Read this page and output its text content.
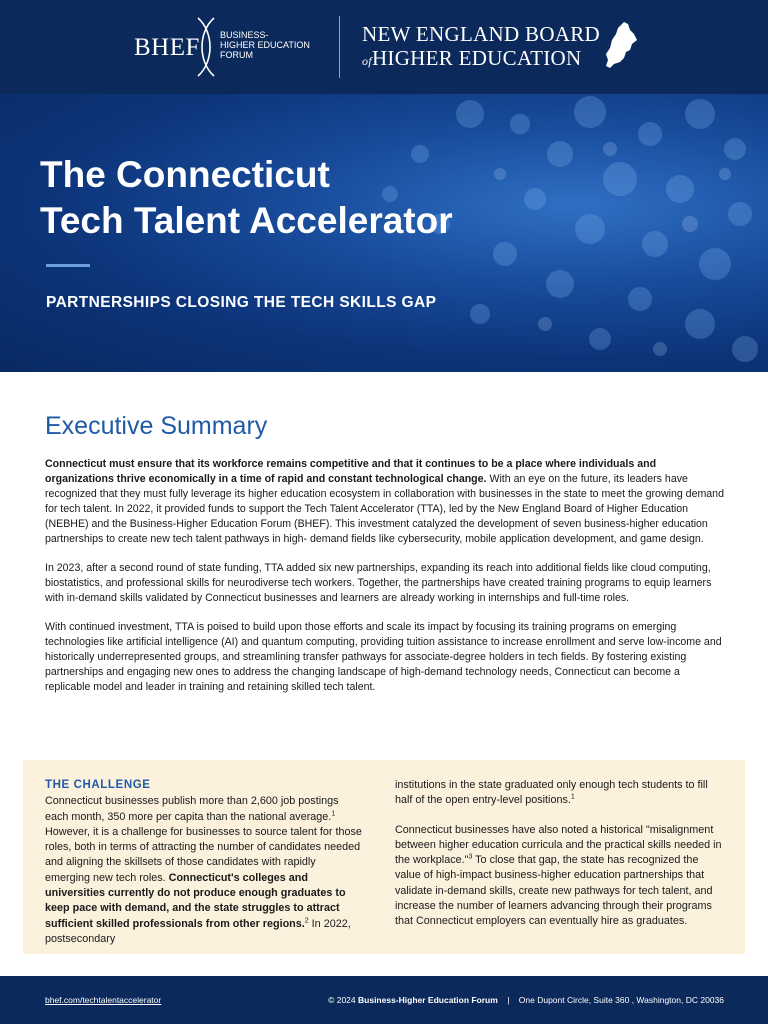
BHEF BUSINESS-
HIGHER EDUCATION
FORUM
NEW ENGLAND BOARD
ofHIGHER EDUCATION
The Connecticut
Tech Talent Accelerator
PARTNERSHIPS CLOSING THE TECH SKILLS GAP
Executive Summary

Connecticut must ensure that its workforce remains competitive and that it continues to be a place where individuals and organizations thrive economically in a time of rapid and constant technological change. With an eye on the future, its leaders have recognized that they must fully leverage its higher education ecosystem in collaboration with businesses in the state to meet the growing demand for tech talent. In 2022, it provided funds to support the Tech Talent Accelerator (TTA), led by the New England Board of Higher Education (NEBHE) and the Business-Higher Education Forum (BHEF). This investment catalyzed the development of seven business-higher education partnerships to create new tech talent pathways in high- demand fields like cybersecurity, mobile application development, and game design.

In 2023, after a second round of state funding, TTA added six new partnerships, expanding its reach into additional fields like cloud computing, biostatistics, and professional skills for neurodiverse tech workers. Together, the partnerships have created training programs to equip learners with in-demand skills validated by Connecticut businesses and learners are already working in internships and full-time roles.

With continued investment, TTA is poised to build upon those efforts and scale its impact by focusing its training programs on emerging technologies like artificial intelligence (AI) and quantum computing, providing tuition assistance to increase enrollment and serve low-income and historically underrepresented groups, and streamlining transfer pathways for associate-degree holders in tech fields. By fostering existing partnerships and engaging new ones to address the changing landscape of high-demand technology needs, Connecticut can become a replicable model and leader in training and retaining skilled tech talent.

THE CHALLENGE
Connecticut businesses publish more than 2,600 job postings each month, 350 more per capita than the national average.$^1$ However, it is a challenge for businesses to source talent for those roles, both in terms of attracting the number of candidates needed and aligning the skillsets of those candidates with rapidly emerging new tech roles. Connecticut's colleges and universities currently do not produce enough graduates to keep pace with demand, and the state struggles to attract sufficient skilled professionals from other regions.$^2$ In 2022, postsecondary

institutions in the state graduated only enough tech students to fill half of the open entry-level positions.$^1$

Connecticut businesses have also noted a historical "misalignment between higher education curricula and the practical skills needed in the workplace."$^3$ To close that gap, the state has recognized the value of high-impact business-higher education partnerships that validate in-demand skills, create new pathways for tech talent, and increase the number of learners advancing through their programs that Connecticut employers can eventually hire as graduates.

bhef.com/techtalentaccelerator	© 2024 Business-Higher Education Forum | One Dupont Circle, Suite 360 , Washington, DC 20036
